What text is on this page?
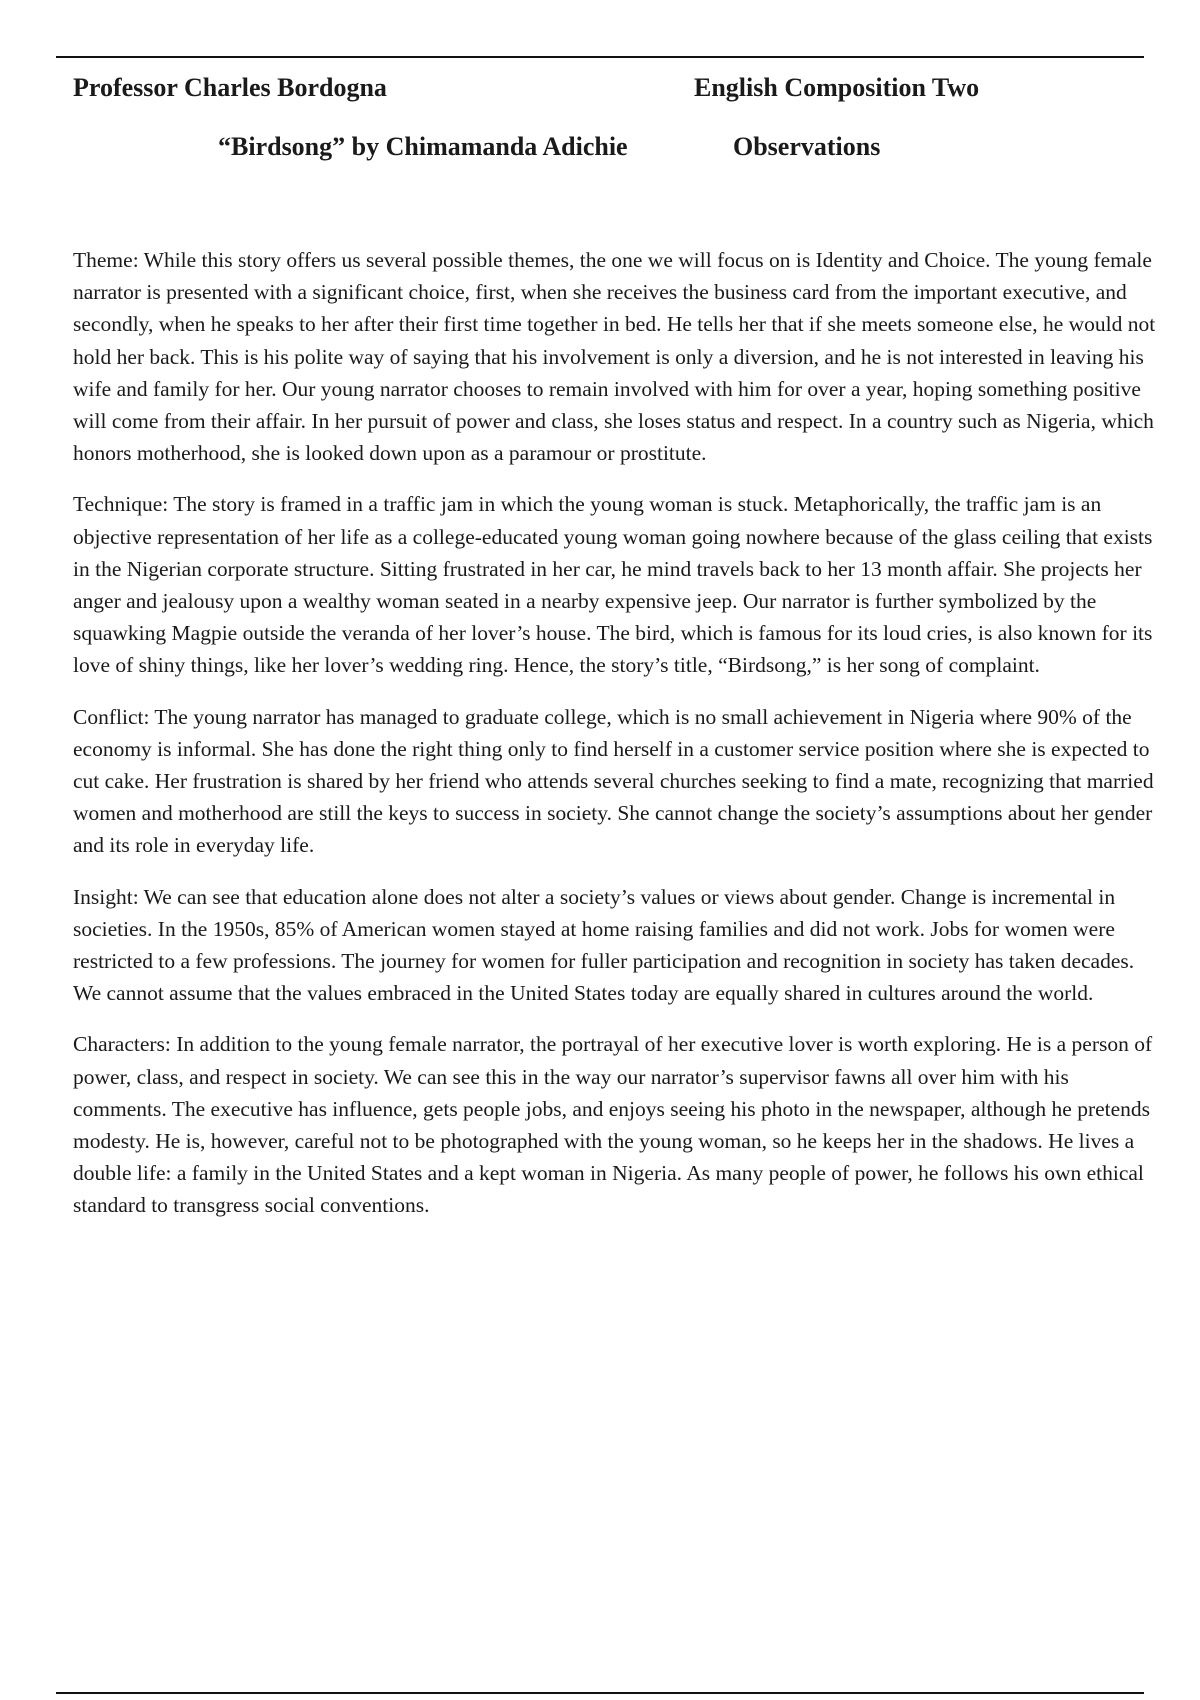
Professor Charles Bordogna	English Composition Two
“Birdsong” by Chimamanda Adichie	Observations

Theme: While this story offers us several possible themes, the one we will focus on is Identity and Choice. The young female narrator is presented with a significant choice, first, when she receives the business card from the important executive, and secondly, when he speaks to her after their first time together in bed. He tells her that if she meets someone else, he would not hold her back. This is his polite way of saying that his involvement is only a diversion, and he is not interested in leaving his wife and family for her. Our young narrator chooses to remain involved with him for over a year, hoping something positive will come from their affair. In her pursuit of power and class, she loses status and respect. In a country such as Nigeria, which honors motherhood, she is looked down upon as a paramour or prostitute.

Technique: The story is framed in a traffic jam in which the young woman is stuck. Metaphorically, the traffic jam is an objective representation of her life as a college-educated young woman going nowhere because of the glass ceiling that exists in the Nigerian corporate structure. Sitting frustrated in her car, he mind travels back to her 13 month affair. She projects her anger and jealousy upon a wealthy woman seated in a nearby expensive jeep. Our narrator is further symbolized by the squawking Magpie outside the veranda of her lover’s house. The bird, which is famous for its loud cries, is also known for its love of shiny things, like her lover’s wedding ring. Hence, the story’s title, “Birdsong,” is her song of complaint.

Conflict: The young narrator has managed to graduate college, which is no small achievement in Nigeria where 90% of the economy is informal. She has done the right thing only to find herself in a customer service position where she is expected to cut cake. Her frustration is shared by her friend who attends several churches seeking to find a mate, recognizing that married women and motherhood are still the keys to success in society. She cannot change the society’s assumptions about her gender and its role in everyday life.

Insight: We can see that education alone does not alter a society’s values or views about gender. Change is incremental in societies. In the 1950s, 85% of American women stayed at home raising families and did not work. Jobs for women were restricted to a few professions. The journey for women for fuller participation and recognition in society has taken decades. We cannot assume that the values embraced in the United States today are equally shared in cultures around the world.

Characters: In addition to the young female narrator, the portrayal of her executive lover is worth exploring. He is a person of power, class, and respect in society. We can see this in the way our narrator’s supervisor fawns all over him with his comments. The executive has influence, gets people jobs, and enjoys seeing his photo in the newspaper, although he pretends modesty. He is, however, careful not to be photographed with the young woman, so he keeps her in the shadows. He lives a double life: a family in the United States and a kept woman in Nigeria. As many people of power, he follows his own ethical standard to transgress social conventions.
